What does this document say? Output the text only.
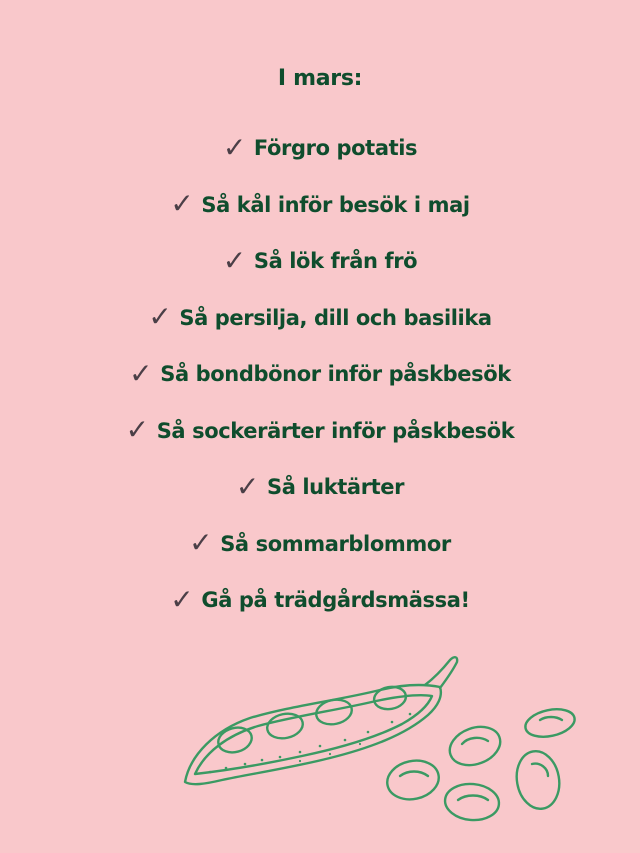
I mars:
✓ Förgro potatis
✓ Så kål inför besök i maj
✓ Så lök från frö
✓ Så persilja, dill och basilika
✓ Så bondbönor inför påskbesök
✓ Så sockerärter inför påskbesök
✓ Så luktärter
✓ Så sommarblommor
✓ Gå på trädgårdsmässa!
